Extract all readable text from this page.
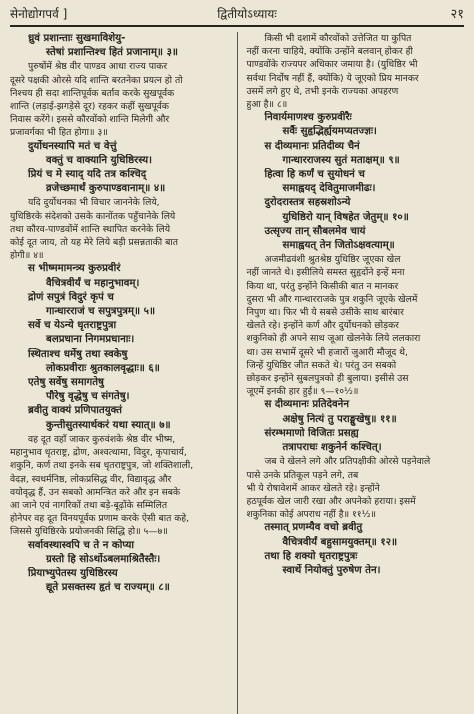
सेनोद्योगपर्व ]	द्वितीयोऽध्यायः	२१
ध्रुवं प्रशान्ताः सुखमाविशेयु-
स्तेषां प्रशान्तिश्च हितं प्रजानाम्॥ ३॥
पुरुषोंमें श्रेष्ठ वीर पाण्डव आधा राज्य पाकर
दूसरे पक्षकी ओरसे यदि शान्ति बरतनेका प्रयत्न हो तो
निश्चय ही सदा शान्तिपूर्वक बर्ताव करके सुखपूर्वक
शान्ति (लड़ाई-झगड़ेसे दूर) रहकर कहीं सुखपूर्वक
निवास करेंगे। इससे कौरवोंको शान्ति मिलेगी और
प्रजावर्गका भी हित होगा॥ ३॥
दुर्योधनस्यापि मतं च वेत्तुं
वक्तुं च वाक्यानि युधिष्ठिरस्य।
प्रियं च मे स्याद् यदि तत्र कश्चिद्
व्रजेच्छमार्थं कुरुपाण्डवानाम्॥ ४॥
यदि दुर्योधनका भी विचार जाननेके लिये,
युधिष्ठिरके संदेशको उसके कानोंतक पहुँचानेके लिये
तथा कौरव-पाण्डवोंमें शान्ति स्थापित करनेके लिये
कोई दूत जाय, तो यह मेरे लिये बड़ी प्रसन्नताकी बात
होगी॥ ४॥
स भीष्ममामन्त्र्य कुरुप्रवीरं
वैचित्रवीर्यं च महानुभावम्।
द्रोणं सपुत्रं विदुरं कृपं च
गान्धारराजं च सपुत्रपुत्रम्॥ ५॥
सर्वे च येऽन्ये धृतराष्ट्रपुत्रा
बलप्रधाना निगमप्रधानाः।
स्थिताश्च धर्मेषु तथा स्वकेषु
लोकप्रवीराः श्रुतकालवृद्धाः॥ ६॥
एतेषु सर्वेषु समागतेषु
पौरेषु वृद्धेषु च संगतेषु।
ब्रवीतु वाक्यं प्रणिपातयुक्तं
कुन्तीसुतस्यार्थकरं यथा स्यात्॥ ७॥
वह दूत वहाँ जाकर कुरुवंशके श्रेष्ठ वीर भीष्म,
महानुभाव धृतराष्ट्र, द्रोण, अश्वत्थामा, विदुर, कृपाचार्य,
शकुनि, कर्ण तथा इनके सब धृतराष्ट्रपुत्र, जो शक्तिशाली,
वेदज्ञ, स्वधर्मनिष्ठ, लोकप्रसिद्ध वीर, विद्यावृद्ध और
वयोवृद्ध हैं, उन सबको आमन्त्रित करे और इन सबके
आ जाने एवं नागरिकों तथा बड़े-बूढ़ोंके सम्मिलित
होनेपर वह दूत विनयपूर्वक प्रणाम करके ऐसी बात कहे,
जिससे युधिष्ठिरके प्रयोजनकी सिद्धि हो॥ ५—७॥
सर्वावस्थास्वपि च ते न कोप्या
ग्रस्तो हि सोऽर्थोऽबलमाश्रितैस्तैः।
प्रियाभ्युपेतस्य युधिष्ठिरस्य
द्यूते प्रसक्तस्य हृतं च राज्यम्॥ ८॥
किसी भी दशामें कौरवोंको उत्तेजित या कुपित
नहीं करना चाहिये, क्योंकि उन्होंने बलवान् होकर ही
पाण्डवोंके राज्यपर अधिकार जमाया है। (युधिष्ठिर भी
सर्वथा निर्दोष नहीं हैं, क्योंकि) ये जूएको प्रिय मानकर
उसमें लगे हुए थे, तभी इनके राज्यका अपहरण
हुआ है॥ ८॥
निवार्यमाणश्च कुरुप्रवीरैः
सर्वैः सुहृद्भिर्ह्ययमप्यतज्ज्ञः।
स दीव्यमानः प्रतिदीव्य चैनं
गान्धारराजस्य सुतं मताक्षम्॥ ९॥
हित्वा हि कर्णं च सुयोधनं च
समाह्वयद् देवितुमाजमीढः।
दुरोदरास्तत्र सहस्रशोऽन्ये
युधिष्ठिरो यान् विषहेत जेतुम्॥ १०॥
उत्सृज्य तान् सौबलमेव चायं
समाह्वयत् तेन जितोऽक्षवत्याम्॥
अजमीढवंशी श्रुतश्रेष्ठ युधिष्ठिर जूएका खेल
नहीं जानते थे। इसीलिये समस्त सुहृदोंने इन्हें मना
किया था, परंतु इन्होंने किसीकी बात न मानकर
दुसरा भी और गान्धारराजके पुत्र शकुनि जूएके खेलमें
निपुण था। फिर भी ये सबसे उसीके साथ बारंबार
खेलते रहे। इन्होंने कर्ण और दुर्योधनको छोड़कर
शकुनिको ही अपने साथ जूआ खेलनेके लिये ललकारा
था। उस सभामें दूसरे भी हजारों जुआरी मौजूद थे,
जिन्हें युधिष्ठिर जीत सकते थे। परंतु उन सबको
छोड़कर इन्होंने सुबलपुत्रको ही बुलाया। इसीसे उस
जूएमें इनकी हार हुई॥ ९—१०½॥
स दीव्यमानः प्रतिदेवनेन
अक्षेषु नित्यं तु पराङ्मुखेषु॥ ११॥
संरम्भमाणो विजितः प्रसह्य
तत्रापराधः शकुनेर्न कश्चित्।
जब वे खेलने लगे और प्रतिपक्षीकी ओरसे पड़नेवाले
पासे उनके प्रतिकूल पड़ने लगे, तब
भी ये रोषावेशमें आकर खेलते रहे। इन्होंने
हठपूर्वक खेल जारी रखा और अपनेको हराया। इसमें
शकुनिका कोई अपराध नहीं है॥ ११½॥
तस्मात् प्रणम्यैव वचो ब्रवीतु
वैचित्रवीर्यं बहुसामयुक्तम्॥ १२॥
तथा हि शक्यो धृतराष्ट्रपुत्रः
स्वार्थे नियोक्तुं पुरुषेण तेन।
